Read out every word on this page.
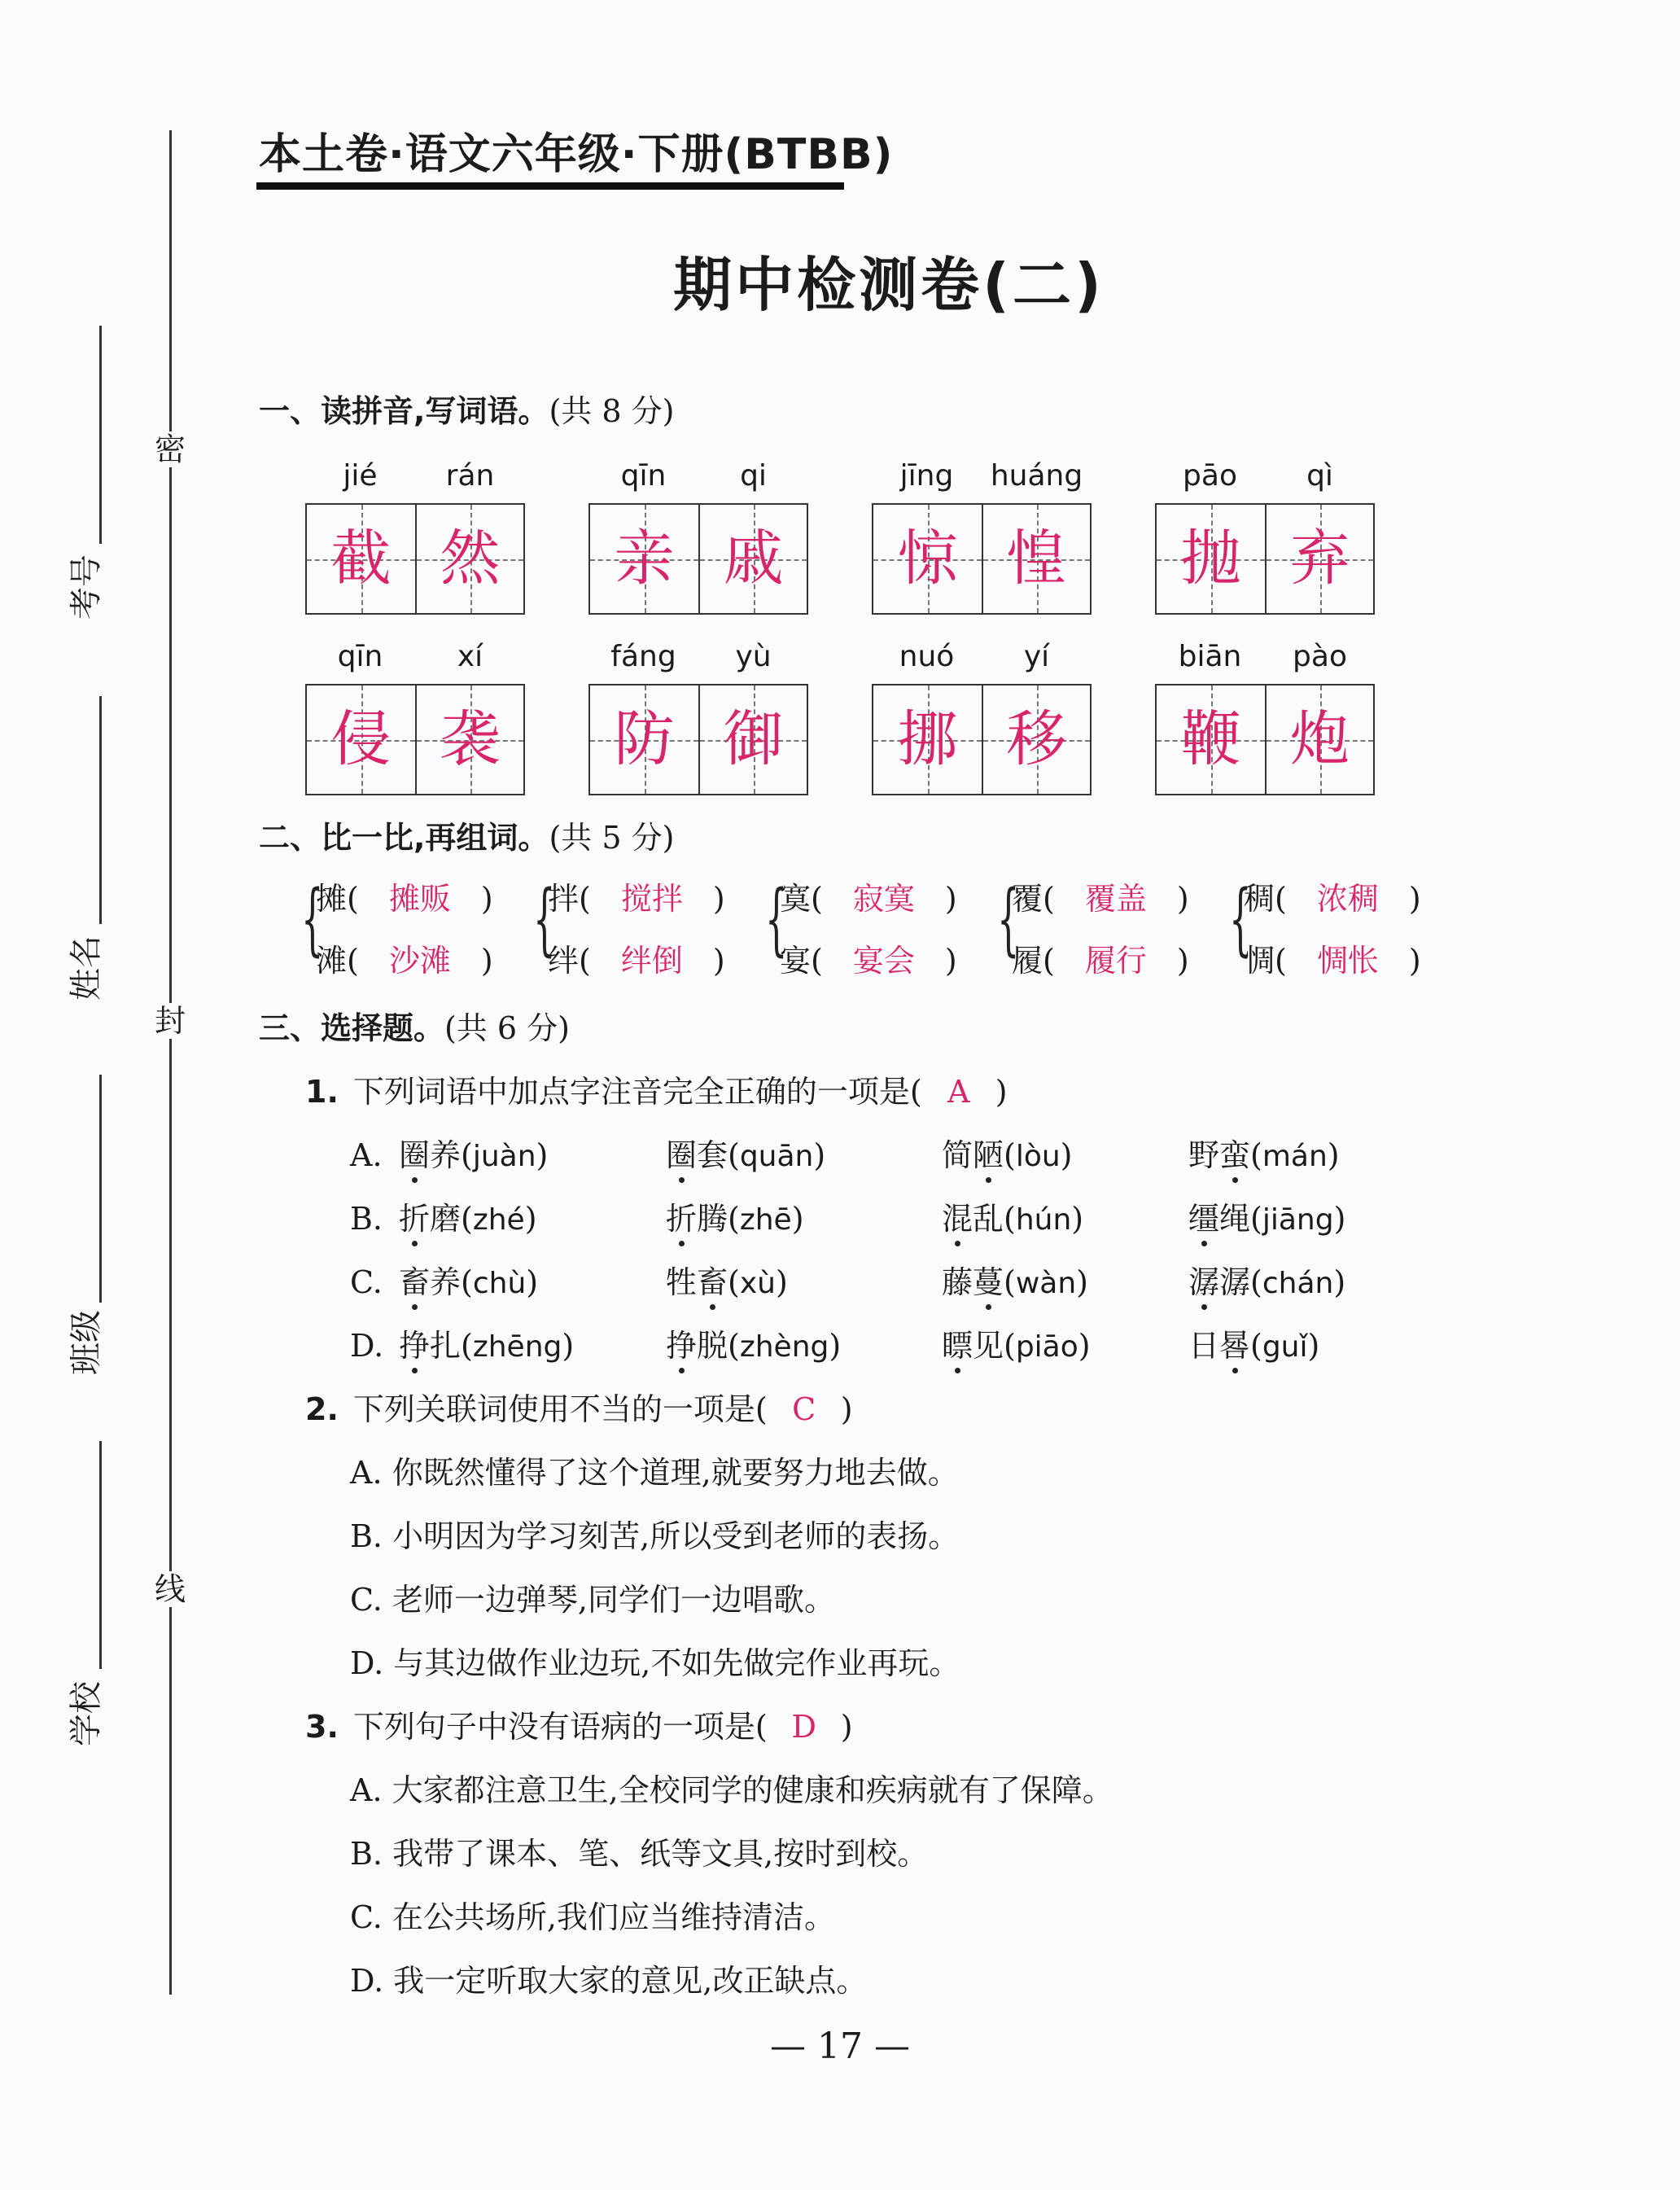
密
封
线
考号
姓名
班级
学校
本土卷·语文六年级·下册(BTBB)
期中检测卷(二)
一、读拼音,写词语。(共 8 分)
jié	rán
截 然
qīn	qi
亲 戚
jīng	huáng
惊 惶
pāo	qì
抛 弃
qīn	xí
侵 袭
fáng	yù
防 御
nuó	yí
挪 移
biān	pào
鞭 炮
二、比一比,再组词。(共 5 分)
{
摊( 摊贩 )
滩( 沙滩 ) {
拌( 搅拌 )
绊( 绊倒 ) {
寞( 寂寞 )
宴( 宴会 ) {
覆( 覆盖 )
履( 履行 ) {
稠( 浓稠 )
惆( 惆怅 )
三、选择题。(共 6 分)
1. 下列词语中加点字注音完全正确的一项是( A )
A. 圈养(juàn)	圈套(quān)	简陋(lòu)	野蛮(mán)
B. 折磨(zhé)	折腾(zhē)	混乱(hún)	缰绳(jiāng)
C. 畜养(chù)	牲畜(xù)	藤蔓(wàn)	潺潺(chán)
D. 挣扎(zhēng)	挣脱(zhèng)	瞟见(piāo)	日晷(guǐ)
2. 下列关联词使用不当的一项是( C )
A. 你既然懂得了这个道理,就要努力地去做。
B. 小明因为学习刻苦,所以受到老师的表扬。
C. 老师一边弹琴,同学们一边唱歌。
D. 与其边做作业边玩,不如先做完作业再玩。
3. 下列句子中没有语病的一项是( D )
A. 大家都注意卫生,全校同学的健康和疾病就有了保障。
B. 我带了课本、笔、纸等文具,按时到校。
C. 在公共场所,我们应当维持清洁。
D. 我一定听取大家的意见,改正缺点。
— 17 —
